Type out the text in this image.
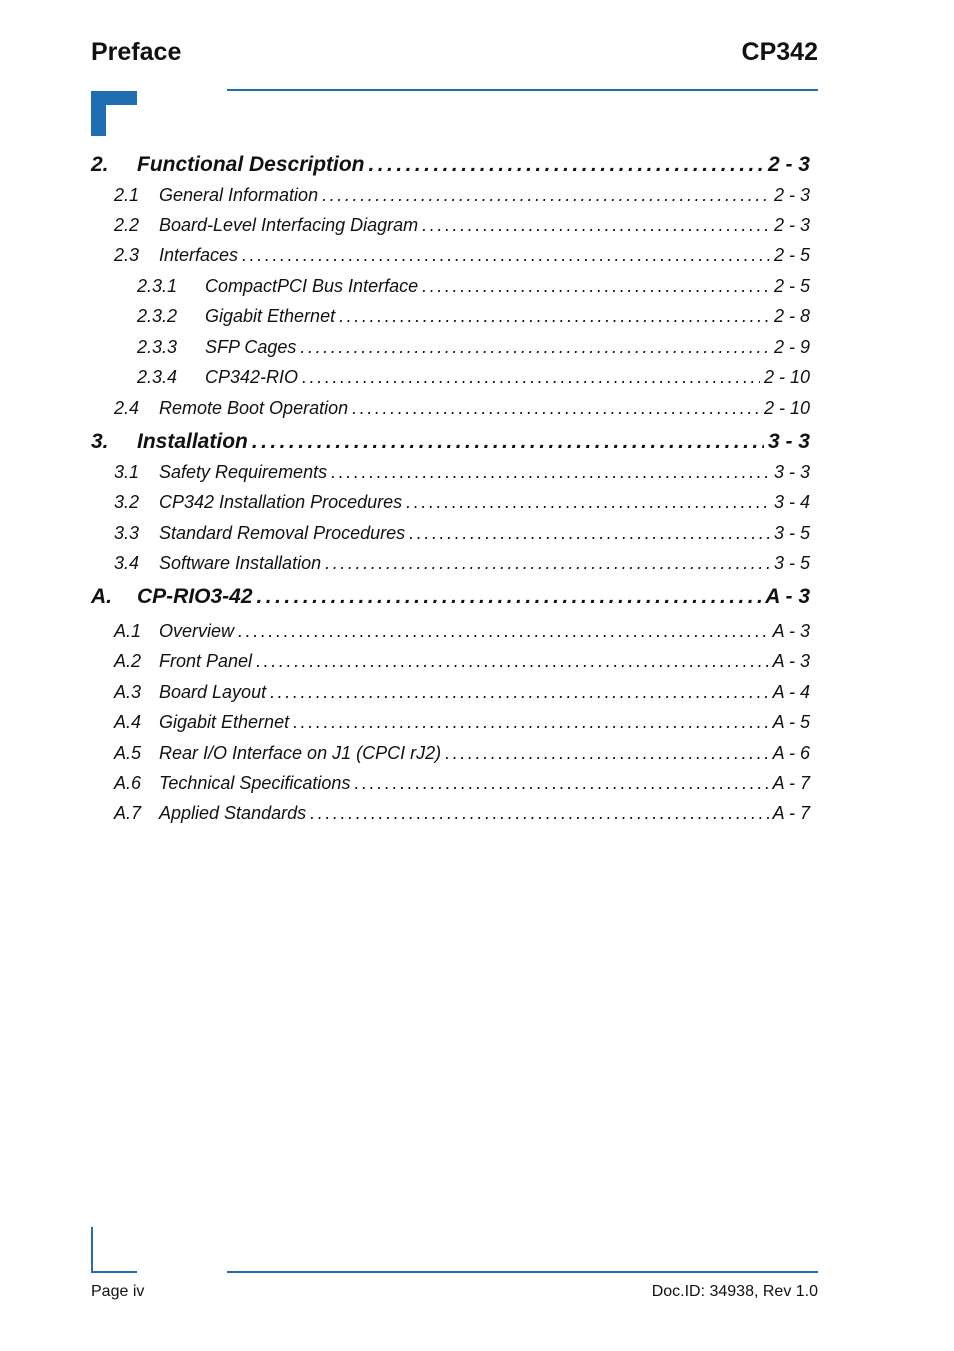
Preface	CP342
2.	Functional Description . . .	2 - 3
2.1	General Information . . .	2 - 3
2.2	Board-Level Interfacing Diagram . . .	2 - 3
2.3	Interfaces . . .	2 - 5
2.3.1	CompactPCI Bus Interface . . .	2 - 5
2.3.2	Gigabit Ethernet . . .	2 - 8
2.3.3	SFP Cages . . .	2 - 9
2.3.4	CP342-RIO . . .	2 - 10
2.4	Remote Boot Operation . . .	2 - 10
3.	Installation . . .	3 - 3
3.1	Safety Requirements . . .	3 - 3
3.2	CP342 Installation Procedures . . .	3 - 4
3.3	Standard Removal Procedures . . .	3 - 5
3.4	Software Installation . . .	3 - 5
A.	CP-RIO3-42 . . .	A - 3
A.1 Overview . . .	A - 3
A.2 Front Panel . . .	A - 3
A.3 Board Layout . . .	A - 4
A.4 Gigabit Ethernet . . .	A - 5
A.5 Rear I/O Interface on J1 (CPCI rJ2) . . .	A - 6
A.6 Technical Specifications . . .	A - 7
A.7 Applied Standards . . .	A - 7
Page iv	Doc.ID: 34938, Rev 1.0
